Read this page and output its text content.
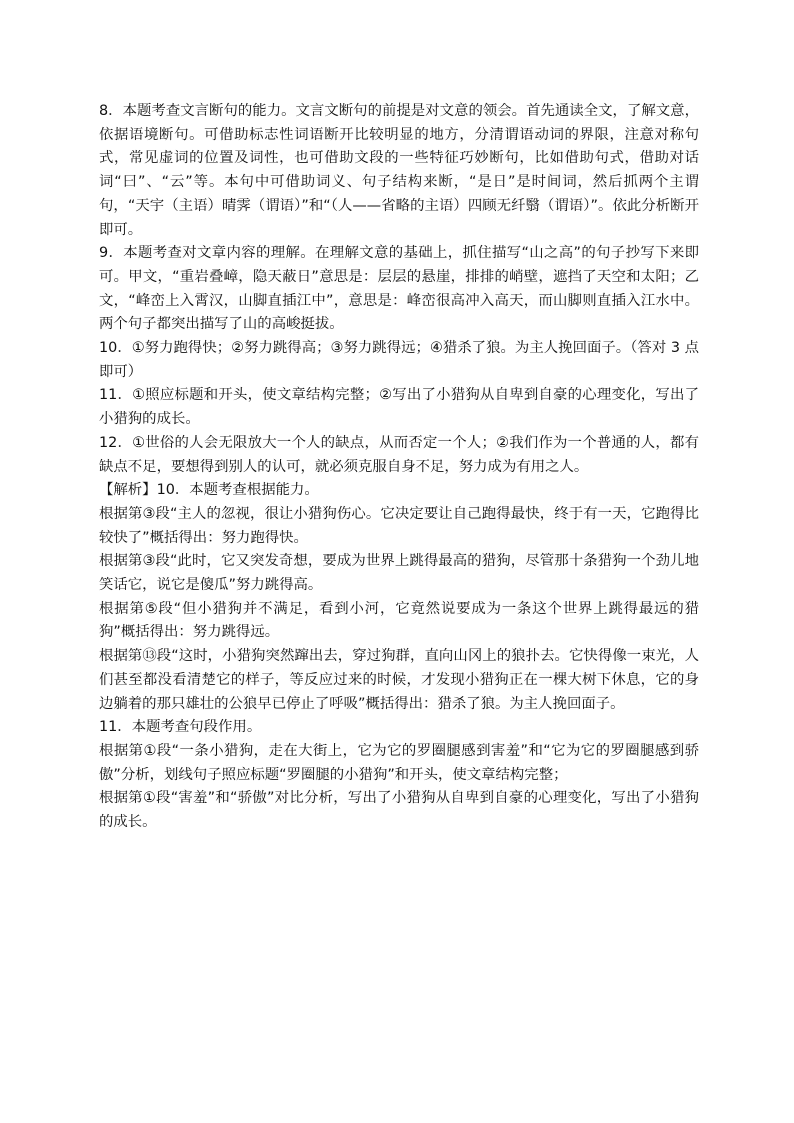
8．本题考查文言断句的能力。文言文断句的前提是对文意的领会。首先通读全文，了解文意，依据语境断句。可借助标志性词语断开比较明显的地方，分清谓语动词的界限，注意对称句式，常见虚词的位置及词性，也可借助文段的一些特征巧妙断句，比如借助句式，借助对话词“曰”、“云”等。本句中可借助词义、句子结构来断，“是日”是时间词，然后抓两个主谓句，“天宇（主语）晴霁（谓语）”和“（人——省略的主语）四顾无纤翳（谓语）”。依此分析断开即可。

9．本题考查对文章内容的理解。在理解文意的基础上，抓住描写“山之高”的句子抄写下来即可。甲文，“重岩叠嶂，隐天蔽日”意思是：层层的悬崖，排排的峭壁，遮挡了天空和太阳；乙文，“峰峦上入霄汉，山脚直插江中”，意思是：峰峦很高冲入高天，而山脚则直插入江水中。两个句子都突出描写了山的高峻挺拔。

10．①努力跑得快；②努力跳得高；③努力跳得远；④猎杀了狼。为主人挽回面子。（答对 3 点即可）

11．①照应标题和开头，使文章结构完整；②写出了小猎狗从自卑到自豪的心理变化，写出了小猎狗的成长。

12．①世俗的人会无限放大一个人的缺点，从而否定一个人；②我们作为一个普通的人，都有缺点不足，要想得到别人的认可，就必须克服自身不足，努力成为有用之人。

【解析】10．本题考查根据能力。

根据第③段“主人的忽视，很让小猎狗伤心。它决定要让自己跑得最快，终于有一天，它跑得比较快了”概括得出：努力跑得快。

根据第③段“此时，它又突发奇想，要成为世界上跳得最高的猎狗，尽管那十条猎狗一个劲儿地笑话它，说它是傻瓜”努力跳得高。

根据第⑤段“但小猎狗并不满足，看到小河，它竟然说要成为一条这个世界上跳得最远的猎狗”概括得出：努力跳得远。

根据第⑬段“这时，小猎狗突然蹿出去，穿过狗群，直向山冈上的狼扑去。它快得像一束光，人们甚至都没看清楚它的样子，等反应过来的时候，才发现小猎狗正在一棵大树下休息，它的身边躺着的那只雄壮的公狼早已停止了呼吸”概括得出：猎杀了狼。为主人挽回面子。

11．本题考查句段作用。

根据第①段“一条小猎狗，走在大街上，它为它的罗圈腿感到害羞”和“它为它的罗圈腿感到骄傲”分析，划线句子照应标题“罗圈腿的小猎狗”和开头，使文章结构完整；

根据第①段“害羞”和“骄傲”对比分析，写出了小猎狗从自卑到自豪的心理变化，写出了小猎狗的成长。
